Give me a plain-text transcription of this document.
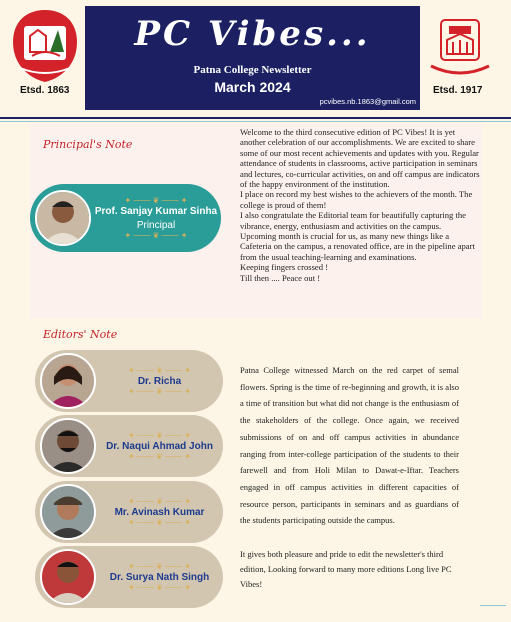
Etsd. 1863
PC Vibes...
Patna College Newsletter
March 2024
pcvibes.nb.1863@gmail.com
Etsd. 1917
Principal's Note
✦ ─── ❦ ─── ✦
Prof. Sanjay Kumar Sinha
Principal
✦ ─── ❦ ─── ✦

Welcome to the third consecutive edition of PC Vibes! It is yet another celebration of our accomplishments. We are excited to share some of our most recent achievements and updates with you. Regular attendance of students in classrooms, active participation in seminars and lectures, co-curricular activities, on and off campus are indicators of the happy environment of the institution.

I place on record my best wishes to the achievers of the month. The college is proud of them!

I also congratulate the Editorial team for beautifully capturing the vibrance, energy, enthusiasm and activities on the campus.

Upcoming month is crucial for us, as many new things like a Cafeteria on the campus, a renovated office, are in the pipeline apart from the usual teaching-learning and examinations.

Keeping fingers crossed !

Till then .... Peace out !

Editors' Note
✦ ─── ❦ ─── ✦
Dr. Richa
✦ ─── ❦ ─── ✦
✦ ─── ❦ ─── ✦
Dr. Naqui Ahmad John
✦ ─── ❦ ─── ✦
✦ ─── ❦ ─── ✦
Mr. Avinash Kumar
✦ ─── ❦ ─── ✦
✦ ─── ❦ ─── ✦
Dr. Surya Nath Singh
✦ ─── ❦ ─── ✦
Patna College witnessed March on the red carpet of semal flowers. Spring is the time of re-beginning and growth, it is also a time of transition but what did not change is the enthusiasm of the stakeholders of the college. Once again, we received submissions of on and off campus activities in abundance ranging from inter-college participation of the students to their farewell and from Holi Milan to Dawat-e-Iftar. Teachers engaged in off campus activities in different capacities of resource person, participants in seminars and as guardians of the students participating outside the campus.
It gives both pleasure and pride to edit the newsletter's third edition, Looking forward to many more editions Long live PC Vibes!
